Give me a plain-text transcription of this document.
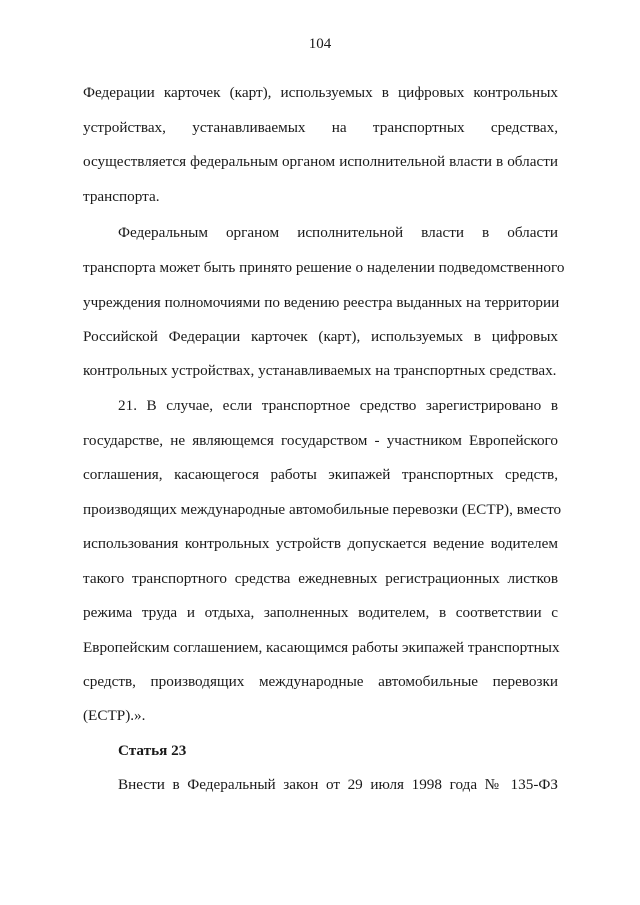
104
Федерации карточек (карт), используемых в цифровых контрольных
устройствах, устанавливаемых на транспортных средствах,
осуществляется федеральным органом исполнительной власти в области
транспорта.
Федеральным органом исполнительной власти в области
транспорта может быть принято решение о наделении подведомственного
учреждения полномочиями по ведению реестра выданных на территории
Российской Федерации карточек (карт), используемых в цифровых
контрольных устройствах, устанавливаемых на транспортных средствах.
21. В случае, если транспортное средство зарегистрировано в
государстве, не являющемся государством - участником Европейского
соглашения, касающегося работы экипажей транспортных средств,
производящих международные автомобильные перевозки (ЕСТР), вместо
использования контрольных устройств допускается ведение водителем
такого транспортного средства ежедневных регистрационных листков
режима труда и отдыха, заполненных водителем, в соответствии с
Европейским соглашением, касающимся работы экипажей транспортных
средств, производящих международные автомобильные перевозки
(ЕСТР).».
Статья 23
Внести в Федеральный закон от 29 июля 1998 года № 135-ФЗ
